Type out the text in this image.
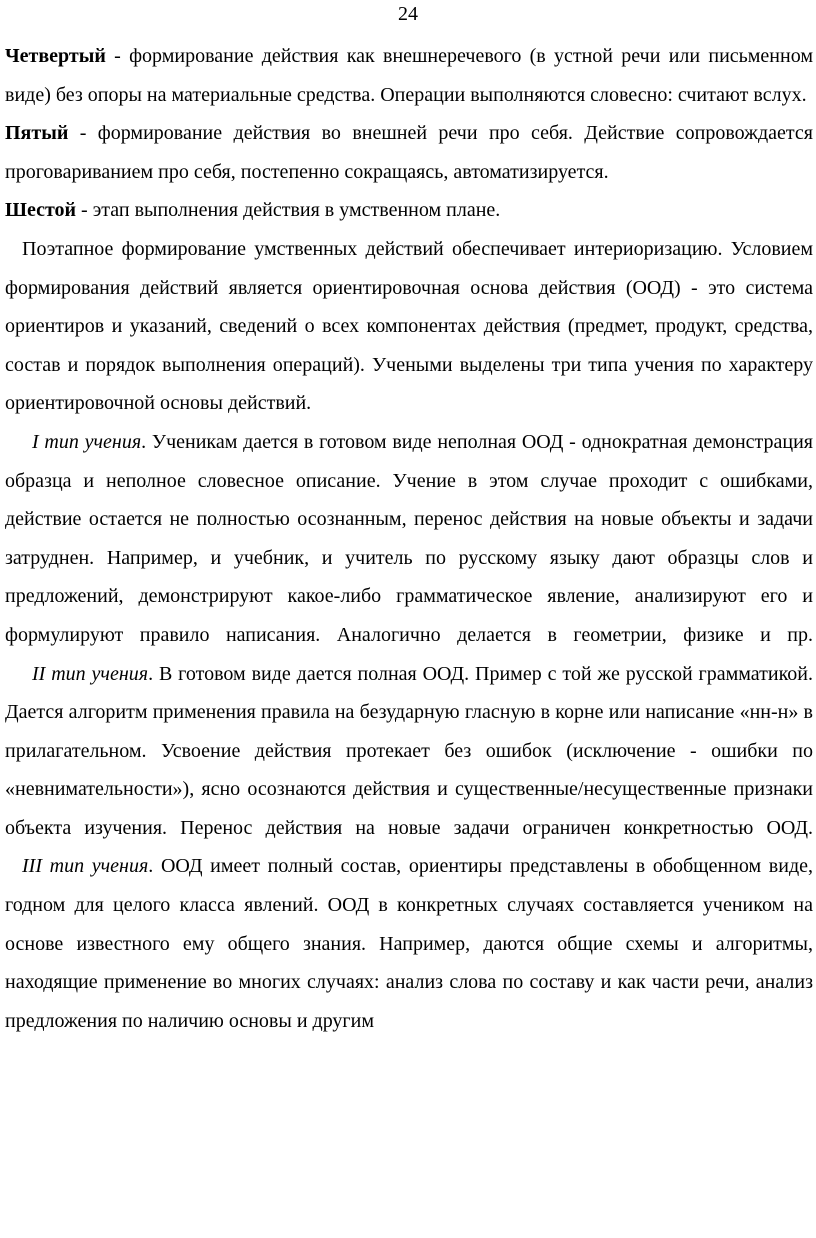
24

Четвертый - формирование действия как внешнеречевого (в устной речи или письменном виде) без опоры на материальные средства. Операции выполняются словесно: считают вслух.

Пятый - формирование действия во внешней речи про себя. Действие сопровождается проговариванием про себя, постепенно сокращаясь, автоматизируется.

Шестой - этап выполнения действия в умственном плане.

Поэтапное формирование умственных действий обеспечивает интериоризацию. Условием формирования действий является ориентировочная основа действия (ООД) - это система ориентиров и указаний, сведений о всех компонентах действия (предмет, продукт, средства, состав и порядок выполнения операций). Учеными выделены три типа учения по характеру ориентировочной основы действий.

I тип учения. Ученикам дается в готовом виде неполная ООД - однократная демонстрация образца и неполное словесное описание. Учение в этом случае проходит с ошибками, действие остается не полностью осознанным, перенос действия на новые объекты и задачи затруднен. Например, и учебник, и учитель по русскому языку дают образцы слов и предложений, демонстрируют какое-либо грамматическое явление, анализируют его и формулируют правило написания. Аналогично делается в геометрии, физике и пр.

II тип учения. В готовом виде дается полная ООД. Пример с той же русской грамматикой. Дается алгоритм применения правила на безударную гласную в корне или написание «нн-н» в прилагательном. Усвоение действия протекает без ошибок (исключение - ошибки по «невнимательности»), ясно осознаются действия и существенные/несущественные признаки объекта изучения. Перенос действия на новые задачи ограничен конкретностью ООД.

III тип учения. ООД имеет полный состав, ориентиры представлены в обобщенном виде, годном для целого класса явлений. ООД в конкретных случаях составляется учеником на основе известного ему общего знания. Например, даются общие схемы и алгоритмы, находящие применение во многих случаях: анализ слова по составу и как части речи, анализ предложения по наличию основы и другим
